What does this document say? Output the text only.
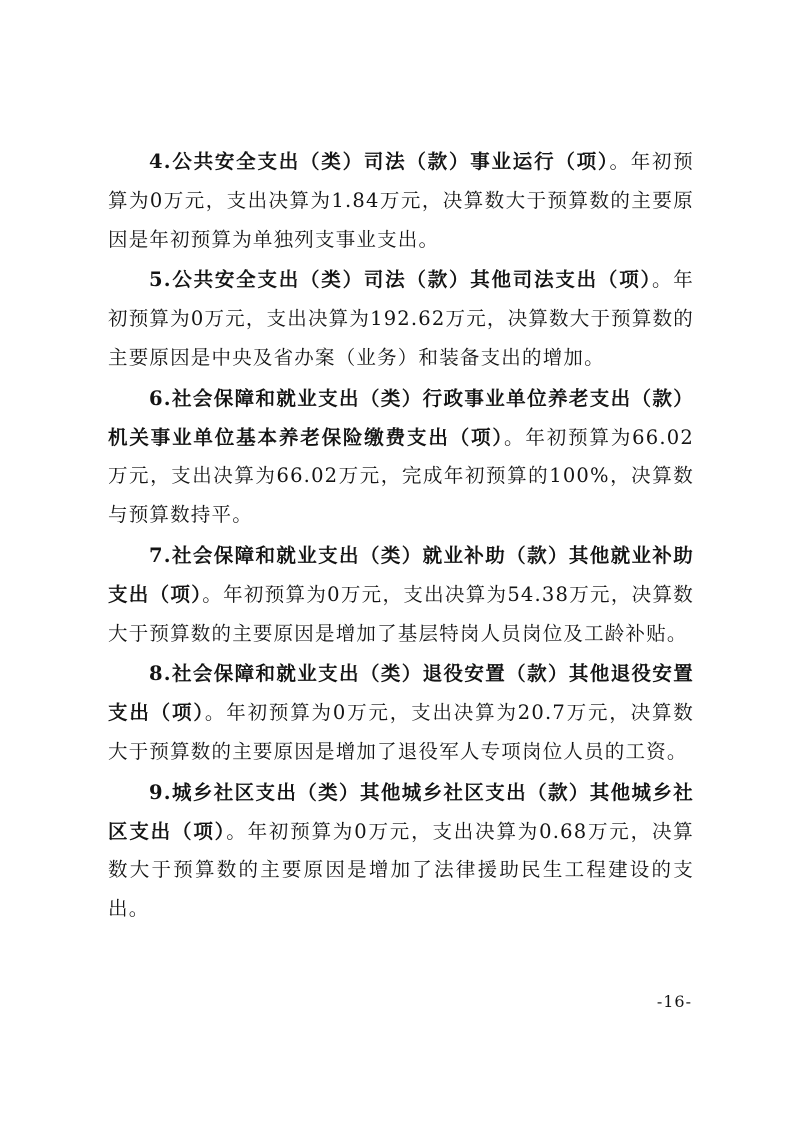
4.公共安全支出（类）司法（款）事业运行（项）。年初预算为0万元，支出决算为1.84万元，决算数大于预算数的主要原因是年初预算为单独列支事业支出。

5.公共安全支出（类）司法（款）其他司法支出（项）。年初预算为0万元，支出决算为192.62万元，决算数大于预算数的主要原因是中央及省办案（业务）和装备支出的增加。

6.社会保障和就业支出（类）行政事业单位养老支出（款）机关事业单位基本养老保险缴费支出（项）。年初预算为66.02万元，支出决算为66.02万元，完成年初预算的100%，决算数与预算数持平。

7.社会保障和就业支出（类）就业补助（款）其他就业补助支出（项）。年初预算为0万元，支出决算为54.38万元，决算数大于预算数的主要原因是增加了基层特岗人员岗位及工龄补贴。

8.社会保障和就业支出（类）退役安置（款）其他退役安置支出（项）。年初预算为0万元，支出决算为20.7万元，决算数大于预算数的主要原因是增加了退役军人专项岗位人员的工资。

9.城乡社区支出（类）其他城乡社区支出（款）其他城乡社区支出（项）。年初预算为0万元，支出决算为0.68万元，决算数大于预算数的主要原因是增加了法律援助民生工程建设的支出。

-16-
